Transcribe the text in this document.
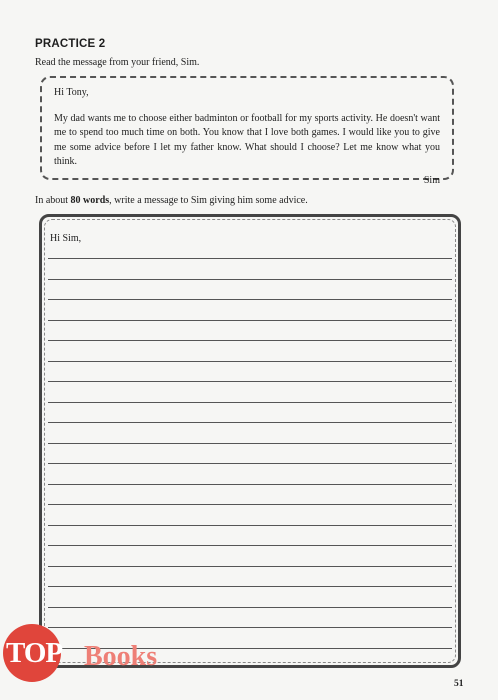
PRACTICE 2
Read the message from your friend, Sim.
Hi Tony,
My dad wants me to choose either badminton or football for my sports activity. He doesn't want me to spend too much time on both. You know that I love both games. I would like you to give me some advice before I let my father know. What should I choose? Let me know what you think.
Sim
In about 80 words, write a message to Sim giving him some advice.
Hi Sim,
TOP Books
51
